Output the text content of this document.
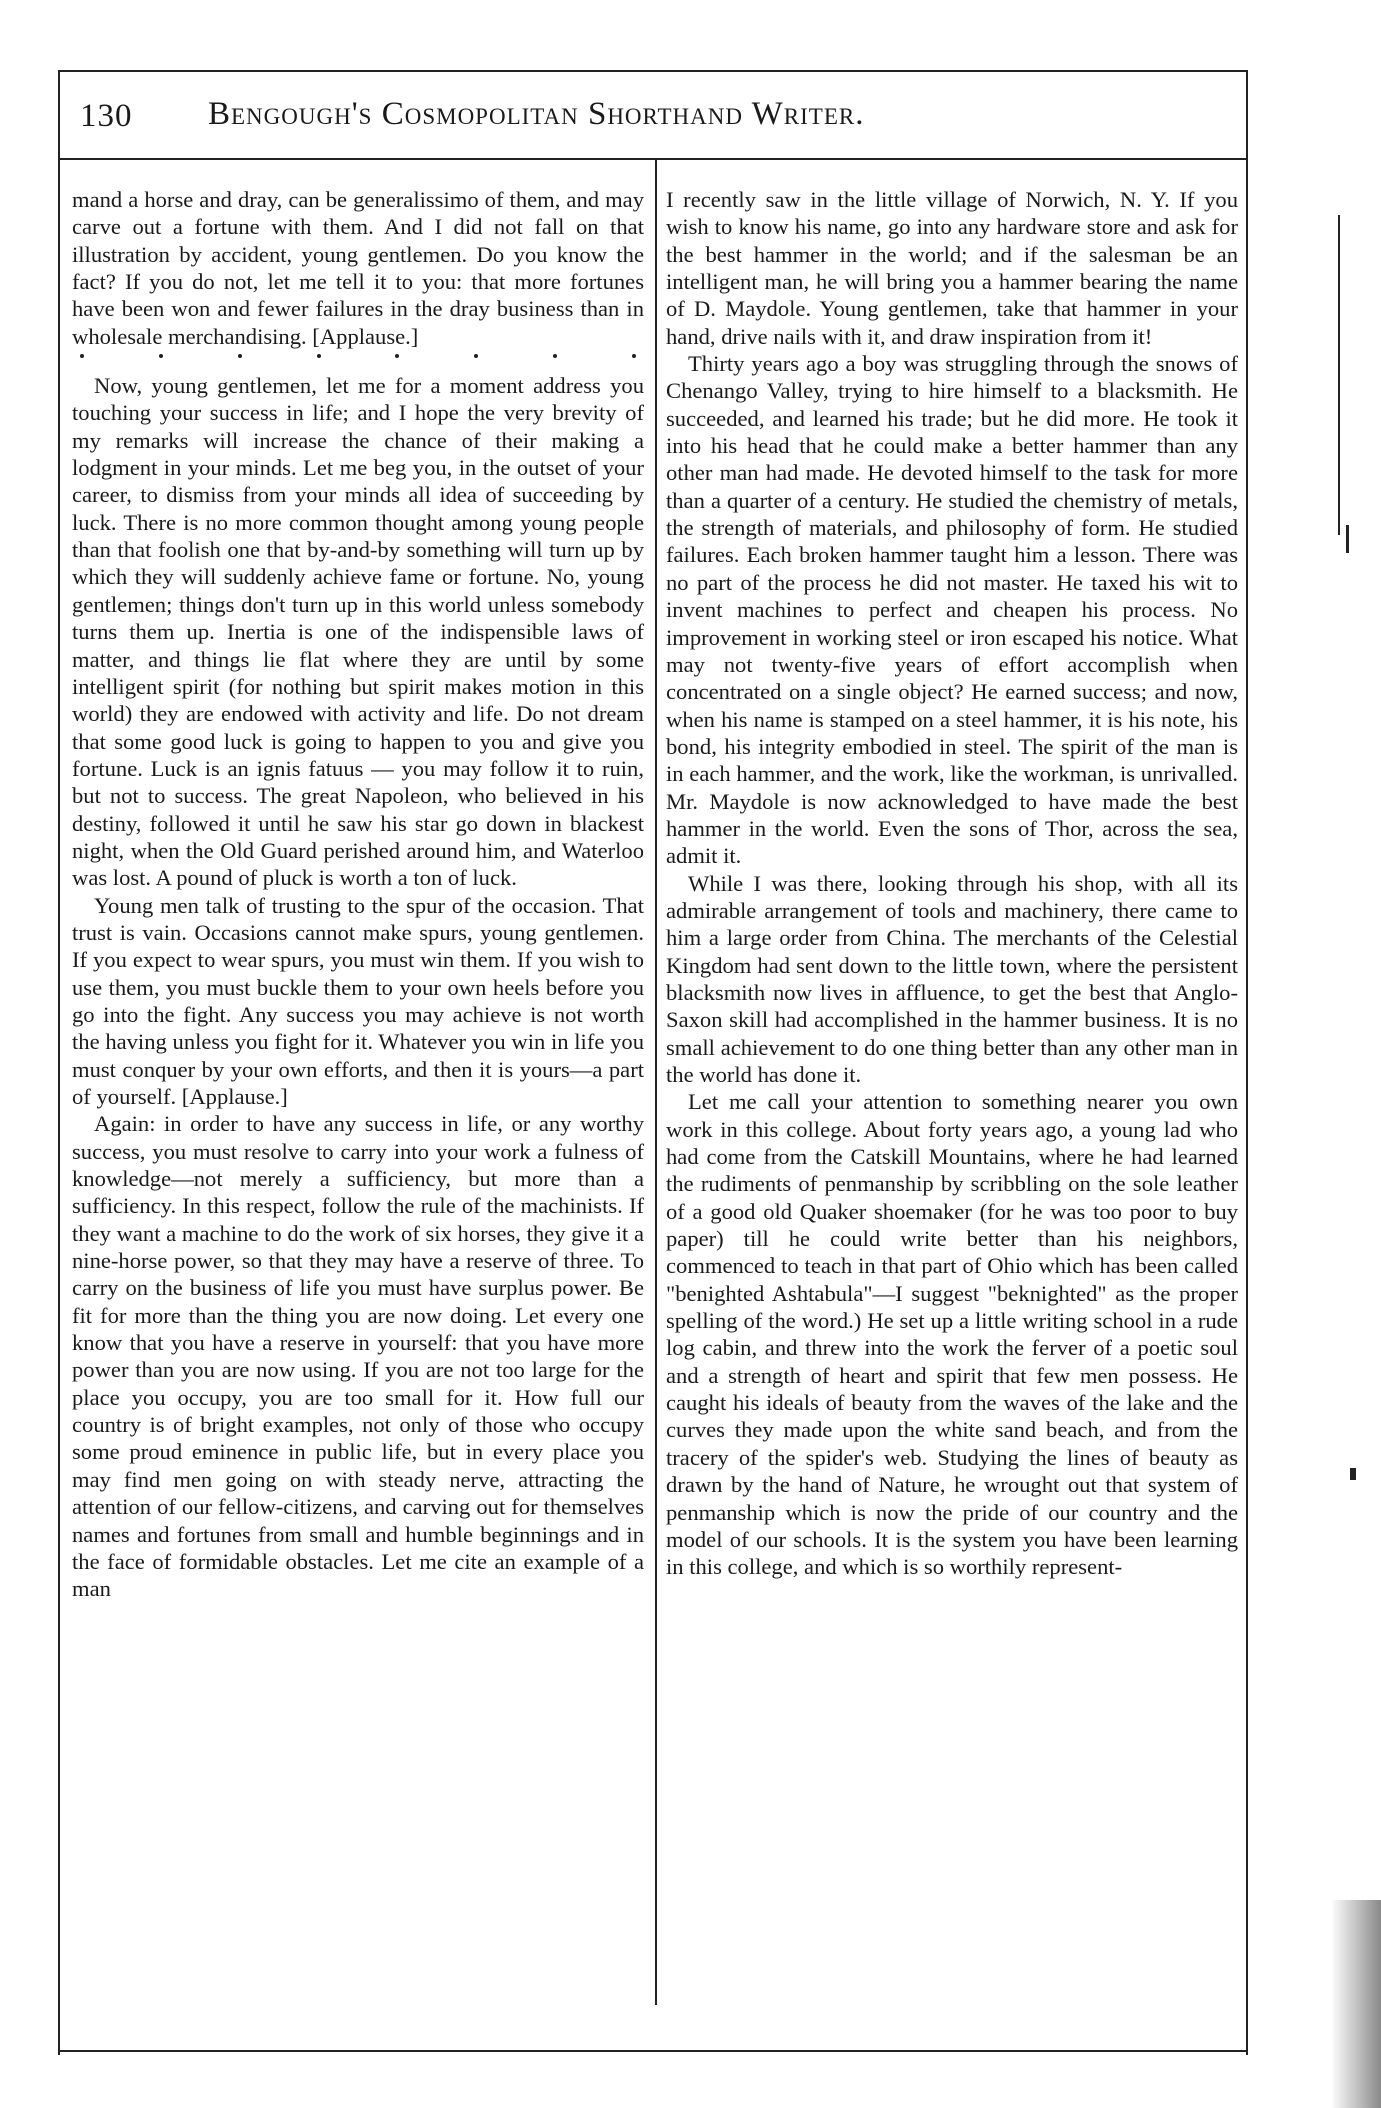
130 Bengough's Cosmopolitan Shorthand Writer.

mand a horse and dray, can be generalissimo of them, and may carve out a fortune with them. And I did not fall on that illustration by accident, young gentlemen. Do you know the fact? If you do not, let me tell it to you: that more fortunes have been won and fewer failures in the dray business than in wholesale merchandising. [Applause.]

Now, young gentlemen, let me for a moment address you touching your success in life; and I hope the very brevity of my remarks will increase the chance of their making a lodgment in your minds. Let me beg you, in the outset of your career, to dismiss from your minds all idea of succeeding by luck. There is no more common thought among young people than that foolish one that by-and-by something will turn up by which they will suddenly achieve fame or fortune. No, young gentlemen; things don't turn up in this world unless somebody turns them up. Inertia is one of the indispensible laws of matter, and things lie flat where they are until by some intelligent spirit (for nothing but spirit makes motion in this world) they are endowed with activity and life. Do not dream that some good luck is going to happen to you and give you fortune. Luck is an ignis fatuus — you may follow it to ruin, but not to success. The great Napoleon, who believed in his destiny, followed it until he saw his star go down in blackest night, when the Old Guard perished around him, and Waterloo was lost. A pound of pluck is worth a ton of luck.

Young men talk of trusting to the spur of the occasion. That trust is vain. Occasions cannot make spurs, young gentlemen. If you expect to wear spurs, you must win them. If you wish to use them, you must buckle them to your own heels before you go into the fight. Any success you may achieve is not worth the having unless you fight for it. Whatever you win in life you must conquer by your own efforts, and then it is yours—a part of yourself. [Applause.]

Again: in order to have any success in life, or any worthy success, you must resolve to carry into your work a fulness of knowledge—not merely a sufficiency, but more than a sufficiency. In this respect, follow the rule of the machinists. If they want a machine to do the work of six horses, they give it a nine-horse power, so that they may have a reserve of three. To carry on the business of life you must have surplus power. Be fit for more than the thing you are now doing. Let every one know that you have a reserve in yourself: that you have more power than you are now using. If you are not too large for the place you occupy, you are too small for it. How full our country is of bright examples, not only of those who occupy some proud eminence in public life, but in every place you may find men going on with steady nerve, attracting the attention of our fellow-citizens, and carving out for themselves names and fortunes from small and humble beginnings and in the face of formidable obstacles. Let me cite an example of a man

I recently saw in the little village of Norwich, N. Y. If you wish to know his name, go into any hardware store and ask for the best hammer in the world; and if the salesman be an intelligent man, he will bring you a hammer bearing the name of D. Maydole. Young gentlemen, take that hammer in your hand, drive nails with it, and draw inspiration from it!

Thirty years ago a boy was struggling through the snows of Chenango Valley, trying to hire himself to a blacksmith. He succeeded, and learned his trade; but he did more. He took it into his head that he could make a better hammer than any other man had made. He devoted himself to the task for more than a quarter of a century. He studied the chemistry of metals, the strength of materials, and philosophy of form. He studied failures. Each broken hammer taught him a lesson. There was no part of the process he did not master. He taxed his wit to invent machines to perfect and cheapen his process. No improvement in working steel or iron escaped his notice. What may not twenty-five years of effort accomplish when concentrated on a single object? He earned success; and now, when his name is stamped on a steel hammer, it is his note, his bond, his integrity embodied in steel. The spirit of the man is in each hammer, and the work, like the workman, is unrivalled. Mr. Maydole is now acknowledged to have made the best hammer in the world. Even the sons of Thor, across the sea, admit it.

While I was there, looking through his shop, with all its admirable arrangement of tools and machinery, there came to him a large order from China. The merchants of the Celestial Kingdom had sent down to the little town, where the persistent blacksmith now lives in affluence, to get the best that Anglo-Saxon skill had accomplished in the hammer business. It is no small achievement to do one thing better than any other man in the world has done it.

Let me call your attention to something nearer you own work in this college. About forty years ago, a young lad who had come from the Catskill Mountains, where he had learned the rudiments of penmanship by scribbling on the sole leather of a good old Quaker shoemaker (for he was too poor to buy paper) till he could write better than his neighbors, commenced to teach in that part of Ohio which has been called "benighted Ashtabula"—I suggest "beknighted" as the proper spelling of the word.) He set up a little writing school in a rude log cabin, and threw into the work the ferver of a poetic soul and a strength of heart and spirit that few men possess. He caught his ideals of beauty from the waves of the lake and the curves they made upon the white sand beach, and from the tracery of the spider's web. Studying the lines of beauty as drawn by the hand of Nature, he wrought out that system of penmanship which is now the pride of our country and the model of our schools. It is the system you have been learning in this college, and which is so worthily represent-
